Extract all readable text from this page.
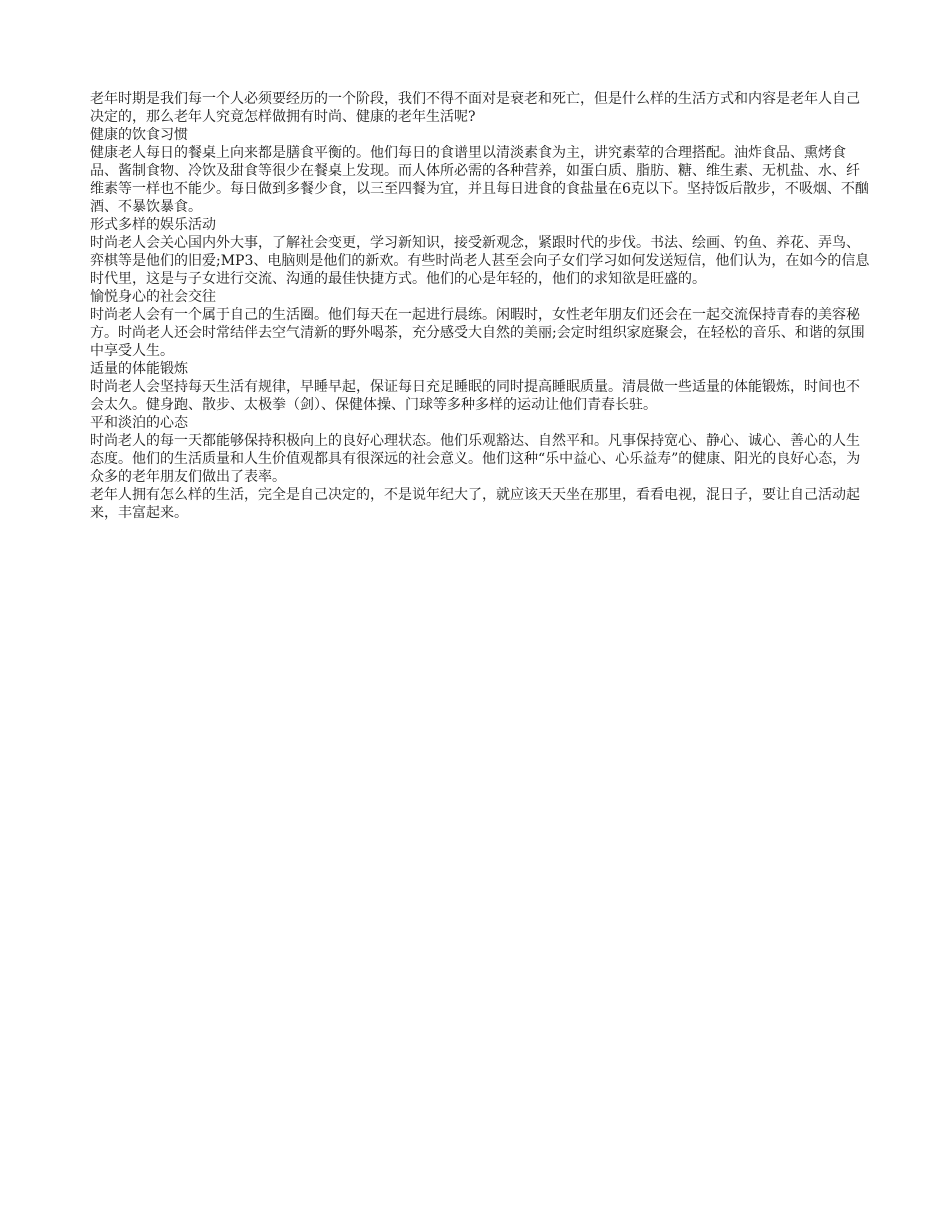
老年时期是我们每一个人必须要经历的一个阶段，我们不得不面对是衰老和死亡，但是什么样的生活方式和内容是老年人自己决定的，那么老年人究竟怎样做拥有时尚、健康的老年生活呢?

健康的饮食习惯

健康老人每日的餐桌上向来都是膳食平衡的。他们每日的食谱里以清淡素食为主，讲究素荤的合理搭配。油炸食品、熏烤食品、酱制食物、冷饮及甜食等很少在餐桌上发现。而人体所必需的各种营养，如蛋白质、脂肪、糖、维生素、无机盐、水、纤维素等一样也不能少。每日做到多餐少食，以三至四餐为宜，并且每日进食的食盐量在6克以下。坚持饭后散步，不吸烟、不酗酒、不暴饮暴食。

形式多样的娱乐活动

时尚老人会关心国内外大事，了解社会变更，学习新知识，接受新观念，紧跟时代的步伐。书法、绘画、钓鱼、养花、弄鸟、弈棋等是他们的旧爱;MP3、电脑则是他们的新欢。有些时尚老人甚至会向子女们学习如何发送短信，他们认为，在如今的信息时代里，这是与子女进行交流、沟通的最佳快捷方式。他们的心是年轻的，他们的求知欲是旺盛的。

愉悦身心的社会交往

时尚老人会有一个属于自己的生活圈。他们每天在一起进行晨练。闲暇时，女性老年朋友们还会在一起交流保持青春的美容秘方。时尚老人还会时常结伴去空气清新的野外喝茶，充分感受大自然的美丽;会定时组织家庭聚会，在轻松的音乐、和谐的氛围中享受人生。

适量的体能锻炼

时尚老人会坚持每天生活有规律，早睡早起，保证每日充足睡眠的同时提高睡眠质量。清晨做一些适量的体能锻炼，时间也不会太久。健身跑、散步、太极拳（剑）、保健体操、门球等多种多样的运动让他们青春长驻。

平和淡泊的心态

时尚老人的每一天都能够保持积极向上的良好心理状态。他们乐观豁达、自然平和。凡事保持宽心、静心、诚心、善心的人生态度。他们的生活质量和人生价值观都具有很深远的社会意义。他们这种“乐中益心、心乐益寿”的健康、阳光的良好心态，为众多的老年朋友们做出了表率。

老年人拥有怎么样的生活，完全是自己决定的，不是说年纪大了，就应该天天坐在那里，看看电视，混日子，要让自己活动起来，丰富起来。
